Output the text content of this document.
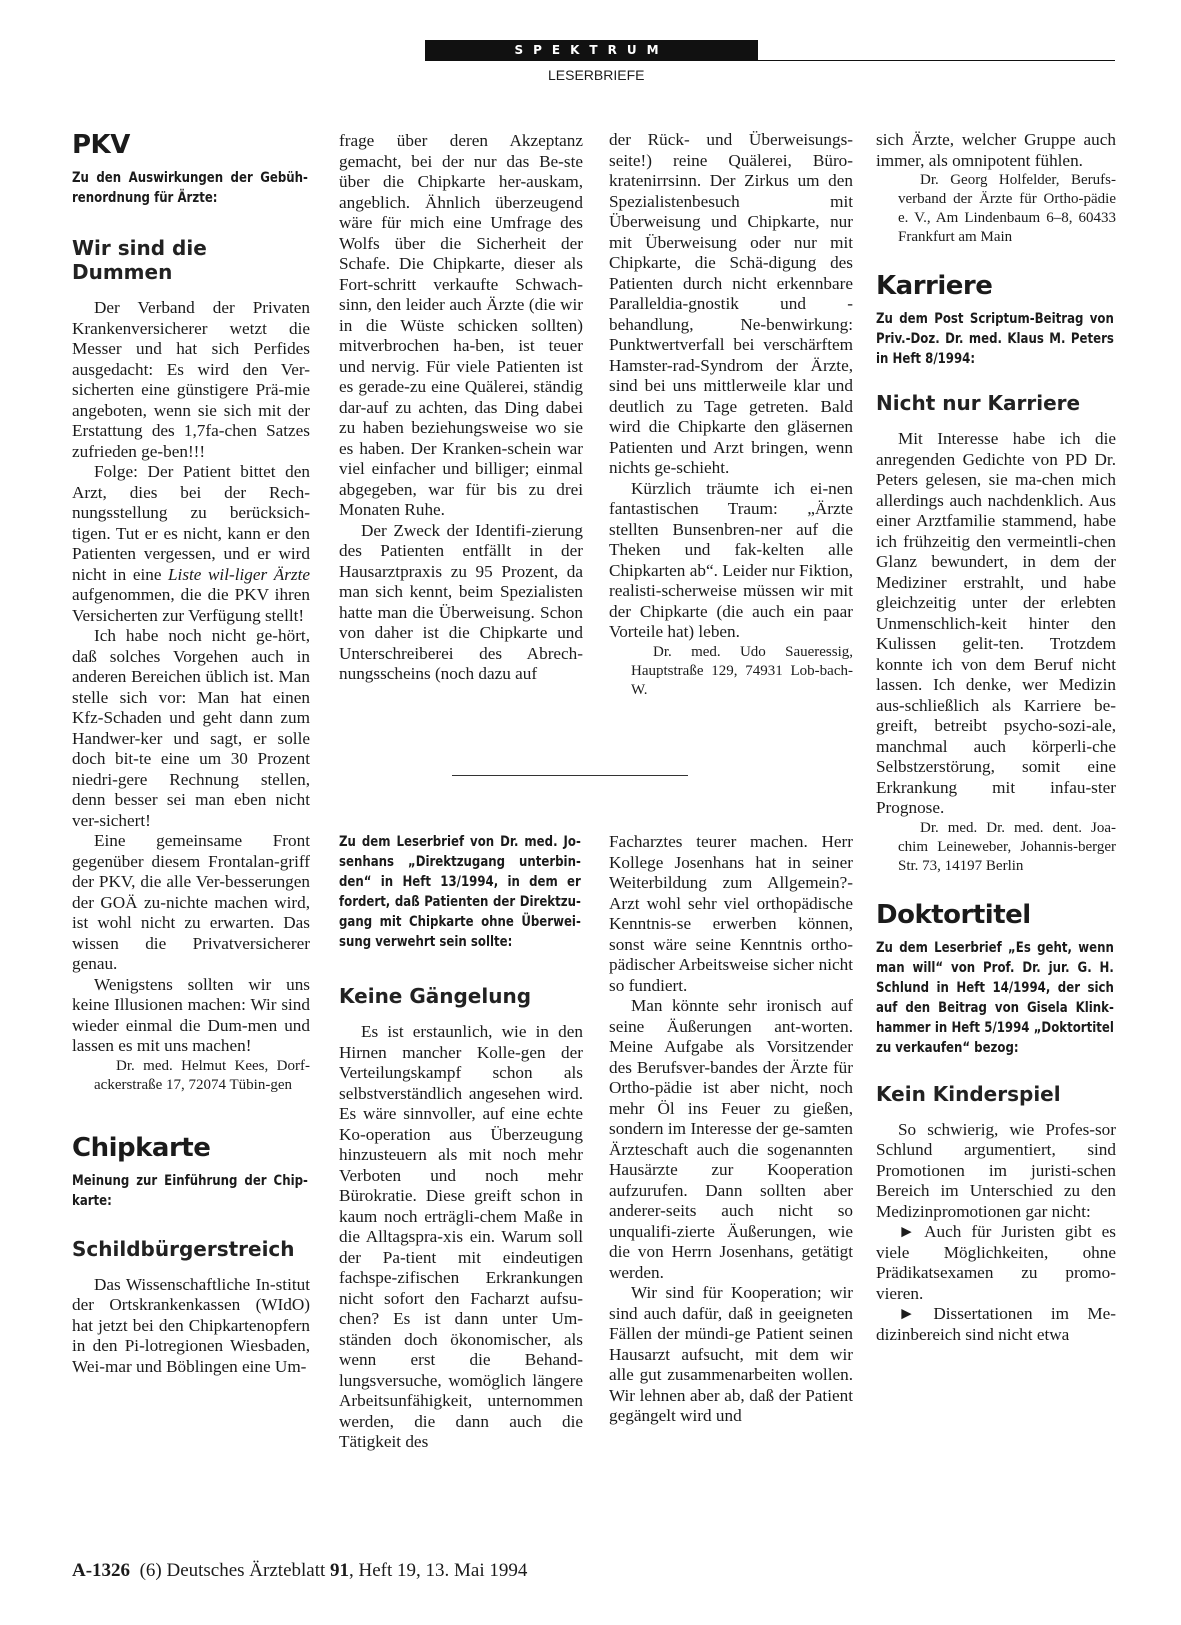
SPEKTRUM
LESERBRIEFE
PKV

Zu den Auswirkungen der Gebüh-renordnung für Ärzte:

Wir sind die Dummen

Der Verband der Privaten Krankenversicherer wetzt die Messer und hat sich Perfides ausgedacht: Es wird den Ver-sicherten eine günstigere Prä-mie angeboten, wenn sie sich mit der Erstattung des 1,7fa-chen Satzes zufrieden ge-ben!!!

Folge: Der Patient bittet den Arzt, dies bei der Rech-nungsstellung zu berücksich-tigen. Tut er es nicht, kann er den Patienten vergessen, und er wird nicht in eine Liste wil-liger Ärzte aufgenommen, die die PKV ihren Versicherten zur Verfügung stellt!

Ich habe noch nicht ge-hört, daß solches Vorgehen auch in anderen Bereichen üblich ist. Man stelle sich vor: Man hat einen Kfz-Schaden und geht dann zum Handwer-ker und sagt, er solle doch bit-te eine um 30 Prozent niedri-gere Rechnung stellen, denn besser sei man eben nicht ver-sichert!

Eine gemeinsame Front gegenüber diesem Frontalan-griff der PKV, die alle Ver-besserungen der GOÄ zu-nichte machen wird, ist wohl nicht zu erwarten. Das wissen die Privatversicherer genau.

Wenigstens sollten wir uns keine Illusionen machen: Wir sind wieder einmal die Dum-men und lassen es mit uns machen!

Dr. med. Helmut Kees, Dorf-ackerstraße 17, 72074 Tübin-gen

Chipkarte

Meinung zur Einführung der Chip-karte:

Schildbürgerstreich

Das Wissenschaftliche In-stitut der Ortskrankenkassen (WIdO) hat jetzt bei den Chipkartenopfern in den Pi-lotregionen Wiesbaden, Wei-mar und Böblingen eine Um-

frage über deren Akzeptanz gemacht, bei der nur das Be-ste über die Chipkarte her-auskam, angeblich. Ähnlich überzeugend wäre für mich eine Umfrage des Wolfs über die Sicherheit der Schafe. Die Chipkarte, dieser als Fort-schritt verkaufte Schwach-sinn, den leider auch Ärzte (die wir in die Wüste schicken sollten) mitverbrochen ha-ben, ist teuer und nervig. Für viele Patienten ist es gerade-zu eine Quälerei, ständig dar-auf zu achten, das Ding dabei zu haben beziehungsweise wo sie es haben. Der Kranken-schein war viel einfacher und billiger; einmal abgegeben, war für bis zu drei Monaten Ruhe.

Der Zweck der Identifi-zierung des Patienten entfällt in der Hausarztpraxis zu 95 Prozent, da man sich kennt, beim Spezialisten hatte man die Überweisung. Schon von daher ist die Chipkarte und Unterschreiberei des Abrech-nungsscheins (noch dazu auf

der Rück- und Überweisungs-seite!) reine Quälerei, Büro-kratenirrsinn. Der Zirkus um den Spezialistenbesuch mit Überweisung und Chipkarte, nur mit Überweisung oder nur mit Chipkarte, die Schä-digung des Patienten durch nicht erkennbare Paralleldia-gnostik und -behandlung, Ne-benwirkung: Punktwertverfall bei verschärftem Hamster-rad-Syndrom der Ärzte, sind bei uns mittlerweile klar und deutlich zu Tage getreten. Bald wird die Chipkarte den gläsernen Patienten und Arzt bringen, wenn nichts ge-schieht.

Kürzlich träumte ich ei-nen fantastischen Traum: „Ärzte stellten Bunsenbren-ner auf die Theken und fak-kelten alle Chipkarten ab“. Leider nur Fiktion, realisti-scherweise müssen wir mit der Chipkarte (die auch ein paar Vorteile hat) leben.

Dr. med. Udo Saueressig, Hauptstraße 129, 74931 Lob-bach-W.

Zu dem Leserbrief von Dr. med. Jo-senhans „Direktzugang unterbin-den“ in Heft 13/1994, in dem er fordert, daß Patienten der Direktzu-gang mit Chipkarte ohne Überwei-sung verwehrt sein sollte:

Keine Gängelung

Es ist erstaunlich, wie in den Hirnen mancher Kolle-gen der Verteilungskampf schon als selbstverständlich angesehen wird. Es wäre sinnvoller, auf eine echte Ko-operation aus Überzeugung hinzusteuern als mit noch mehr Verboten und noch mehr Bürokratie. Diese greift schon in kaum noch erträgli-chem Maße in die Alltagspra-xis ein. Warum soll der Pa-tient mit eindeutigen fachspe-zifischen Erkrankungen nicht sofort den Facharzt aufsu-chen? Es ist dann unter Um-ständen doch ökonomischer, als wenn erst die Behand-lungsversuche, womöglich längere Arbeitsunfähigkeit, unternommen werden, die dann auch die Tätigkeit des

Facharztes teurer machen. Herr Kollege Josenhans hat in seiner Weiterbildung zum Allgemein?-Arzt wohl sehr viel orthopädische Kenntnis-se erwerben können, sonst wäre seine Kenntnis ortho-pädischer Arbeitsweise sicher nicht so fundiert.

Man könnte sehr ironisch auf seine Äußerungen ant-worten. Meine Aufgabe als Vorsitzender des Berufsver-bandes der Ärzte für Ortho-pädie ist aber nicht, noch mehr Öl ins Feuer zu gießen, sondern im Interesse der ge-samten Ärzteschaft auch die sogenannten Hausärzte zur Kooperation aufzurufen. Dann sollten aber anderer-seits auch nicht so unqualifi-zierte Äußerungen, wie die von Herrn Josenhans, getätigt werden.

Wir sind für Kooperation; wir sind auch dafür, daß in geeigneten Fällen der mündi-ge Patient seinen Hausarzt aufsucht, mit dem wir alle gut zusammenarbeiten wollen. Wir lehnen aber ab, daß der Patient gegängelt wird und

sich Ärzte, welcher Gruppe auch immer, als omnipotent fühlen.

Dr. Georg Holfelder, Berufs-verband der Ärzte für Ortho-pädie e. V., Am Lindenbaum 6–8, 60433 Frankfurt am Main

Karriere

Zu dem Post Scriptum-Beitrag von Priv.-Doz. Dr. med. Klaus M. Peters in Heft 8/1994:

Nicht nur Karriere

Mit Interesse habe ich die anregenden Gedichte von PD Dr. Peters gelesen, sie ma-chen mich allerdings auch nachdenklich. Aus einer Arztfamilie stammend, habe ich frühzeitig den vermeintli-chen Glanz bewundert, in dem der Mediziner erstrahlt, und habe gleichzeitig unter der erlebten Unmenschlich-keit hinter den Kulissen gelit-ten. Trotzdem konnte ich von dem Beruf nicht lassen. Ich denke, wer Medizin aus-schließlich als Karriere be-greift, betreibt psycho-sozi-ale, manchmal auch körperli-che Selbstzerstörung, somit eine Erkrankung mit infau-ster Prognose.

Dr. med. Dr. med. dent. Joa-chim Leineweber, Johannis-berger Str. 73, 14197 Berlin

Doktortitel

Zu dem Leserbrief „Es geht, wenn man will“ von Prof. Dr. jur. G. H. Schlund in Heft 14/1994, der sich auf den Beitrag von Gisela Klink-hammer in Heft 5/1994 „Doktortitel zu verkaufen“ bezog:

Kein Kinderspiel

So schwierig, wie Profes-sor Schlund argumentiert, sind Promotionen im juristi-schen Bereich im Unterschied zu den Medizinpromotionen gar nicht:

► Auch für Juristen gibt es viele Möglichkeiten, ohne Prädikatsexamen zu promo-vieren.

► Dissertationen im Me-dizinbereich sind nicht etwa

A-1326 (6) Deutsches Ärzteblatt 91, Heft 19, 13. Mai 1994
